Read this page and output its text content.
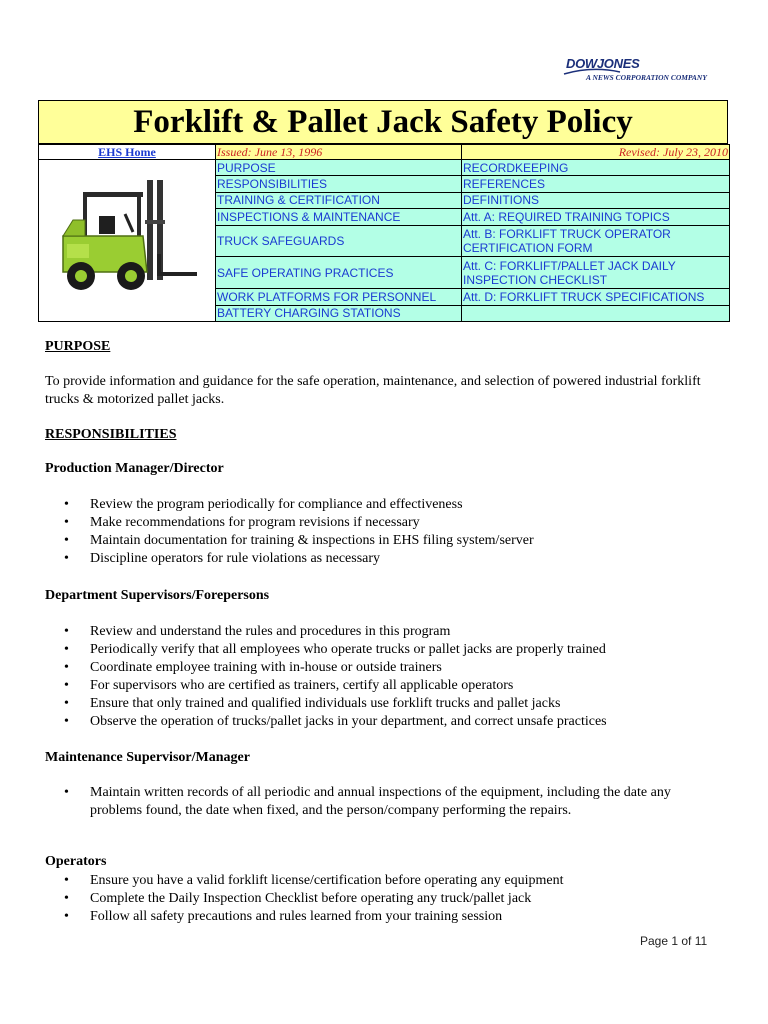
DOWJONES
A NEWS CORPORATION COMPANY
Forklift & Pallet Jack Safety Policy
EHS Home	Issued: June 13, 1996	Revised: July 23, 2010
	PURPOSE	RECORDKEEPING
	RESPONSIBILITIES	REFERENCES
	TRAINING & CERTIFICATION	DEFINITIONS
	INSPECTIONS & MAINTENANCE	Att. A: REQUIRED TRAINING TOPICS
	TRUCK SAFEGUARDS	Att. B: FORKLIFT TRUCK OPERATOR CERTIFICATION FORM
	SAFE OPERATING PRACTICES	Att. C: FORKLIFT/PALLET JACK DAILY INSPECTION CHECKLIST
	WORK PLATFORMS FOR PERSONNEL	Att. D: FORKLIFT TRUCK SPECIFICATIONS
	BATTERY CHARGING STATIONS	
PURPOSE
To provide information and guidance for the safe operation, maintenance, and selection of powered industrial forklift trucks & motorized pallet jacks.
RESPONSIBILITIES
Production Manager/Director
• Review the program periodically for compliance and effectiveness
• Make recommendations for program revisions if necessary
• Maintain documentation for training & inspections in EHS filing system/server
• Discipline operators for rule violations as necessary
Department Supervisors/Forepersons
• Review and understand the rules and procedures in this program
• Periodically verify that all employees who operate trucks or pallet jacks are properly trained
• Coordinate employee training with in-house or outside trainers
• For supervisors who are certified as trainers, certify all applicable operators
• Ensure that only trained and qualified individuals use forklift trucks and pallet jacks
• Observe the operation of trucks/pallet jacks in your department, and correct unsafe practices
Maintenance Supervisor/Manager
• Maintain written records of all periodic and annual inspections of the equipment, including the date any problems found, the date when fixed, and the person/company performing the repairs.
Operators
• Ensure you have a valid forklift license/certification before operating any equipment
• Complete the Daily Inspection Checklist before operating any truck/pallet jack
• Follow all safety precautions and rules learned from your training session
Page 1 of 11
